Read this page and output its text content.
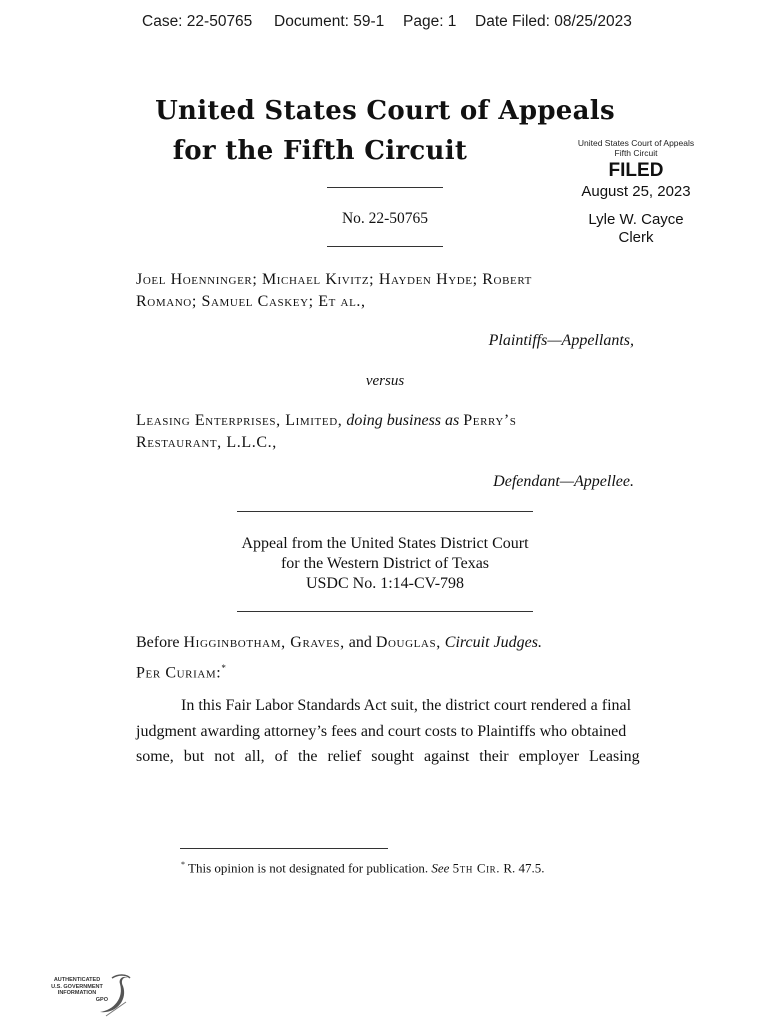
Case: 22-50765 Document: 59-1 Page: 1 Date Filed: 08/25/2023
United States Court of Appeals
for the Fifth Circuit	United States Court of Appeals
Fifth Circuit
FILED
August 25, 2023
Lyle W. Cayce
Clerk
No. 22-50765
Joel Hoenninger; Michael Kivitz; Hayden Hyde; Robert
Romano; Samuel Caskey; Et al.,
Plaintiffs—Appellants,
versus
Leasing Enterprises, Limited, doing business as Perry’s
Restaurant, L.L.C.,
Defendant—Appellee.
Appeal from the United States District Court
for the Western District of Texas
USDC No. 1:14-CV-798
Before Higginbotham, Graves, and Douglas, Circuit Judges.
Per Curiam:*
In this Fair Labor Standards Act suit, the district court rendered a final
judgment awarding attorney’s fees and court costs to Plaintiffs who obtained
some, but not all, of the relief sought against their employer Leasing
* This opinion is not designated for publication. See 5th Cir. R. 47.5.
AUTHENTICATED
U.S. GOVERNMENT
INFORMATION
GPO
